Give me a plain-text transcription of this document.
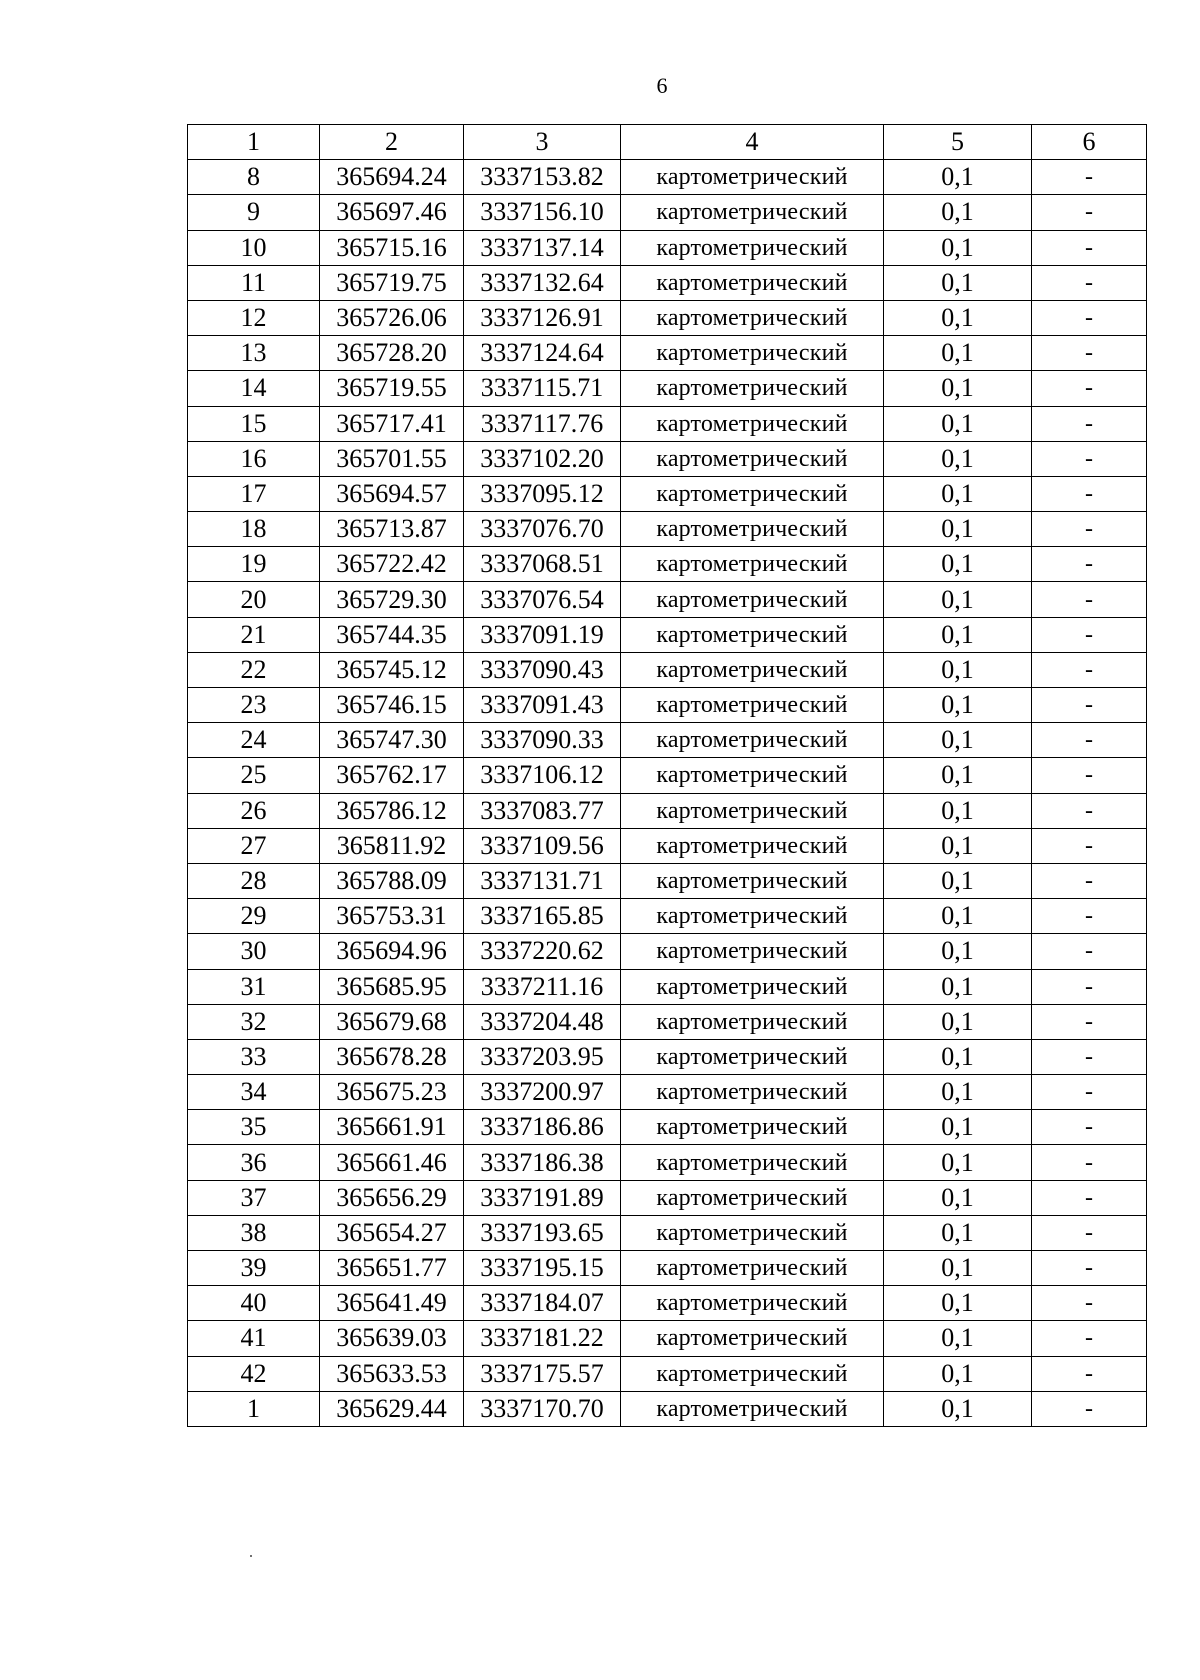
6
1	2	3	4	5	6
8	365694.24	3337153.82	картометрический	0,1	-
9	365697.46	3337156.10	картометрический	0,1	-
10	365715.16	3337137.14	картометрический	0,1	-
11	365719.75	3337132.64	картометрический	0,1	-
12	365726.06	3337126.91	картометрический	0,1	-
13	365728.20	3337124.64	картометрический	0,1	-
14	365719.55	3337115.71	картометрический	0,1	-
15	365717.41	3337117.76	картометрический	0,1	-
16	365701.55	3337102.20	картометрический	0,1	-
17	365694.57	3337095.12	картометрический	0,1	-
18	365713.87	3337076.70	картометрический	0,1	-
19	365722.42	3337068.51	картометрический	0,1	-
20	365729.30	3337076.54	картометрический	0,1	-
21	365744.35	3337091.19	картометрический	0,1	-
22	365745.12	3337090.43	картометрический	0,1	-
23	365746.15	3337091.43	картометрический	0,1	-
24	365747.30	3337090.33	картометрический	0,1	-
25	365762.17	3337106.12	картометрический	0,1	-
26	365786.12	3337083.77	картометрический	0,1	-
27	365811.92	3337109.56	картометрический	0,1	-
28	365788.09	3337131.71	картометрический	0,1	-
29	365753.31	3337165.85	картометрический	0,1	-
30	365694.96	3337220.62	картометрический	0,1	-
31	365685.95	3337211.16	картометрический	0,1	-
32	365679.68	3337204.48	картометрический	0,1	-
33	365678.28	3337203.95	картометрический	0,1	-
34	365675.23	3337200.97	картометрический	0,1	-
35	365661.91	3337186.86	картометрический	0,1	-
36	365661.46	3337186.38	картометрический	0,1	-
37	365656.29	3337191.89	картометрический	0,1	-
38	365654.27	3337193.65	картометрический	0,1	-
39	365651.77	3337195.15	картометрический	0,1	-
40	365641.49	3337184.07	картометрический	0,1	-
41	365639.03	3337181.22	картометрический	0,1	-
42	365633.53	3337175.57	картометрический	0,1	-
1	365629.44	3337170.70	картометрический	0,1	-
